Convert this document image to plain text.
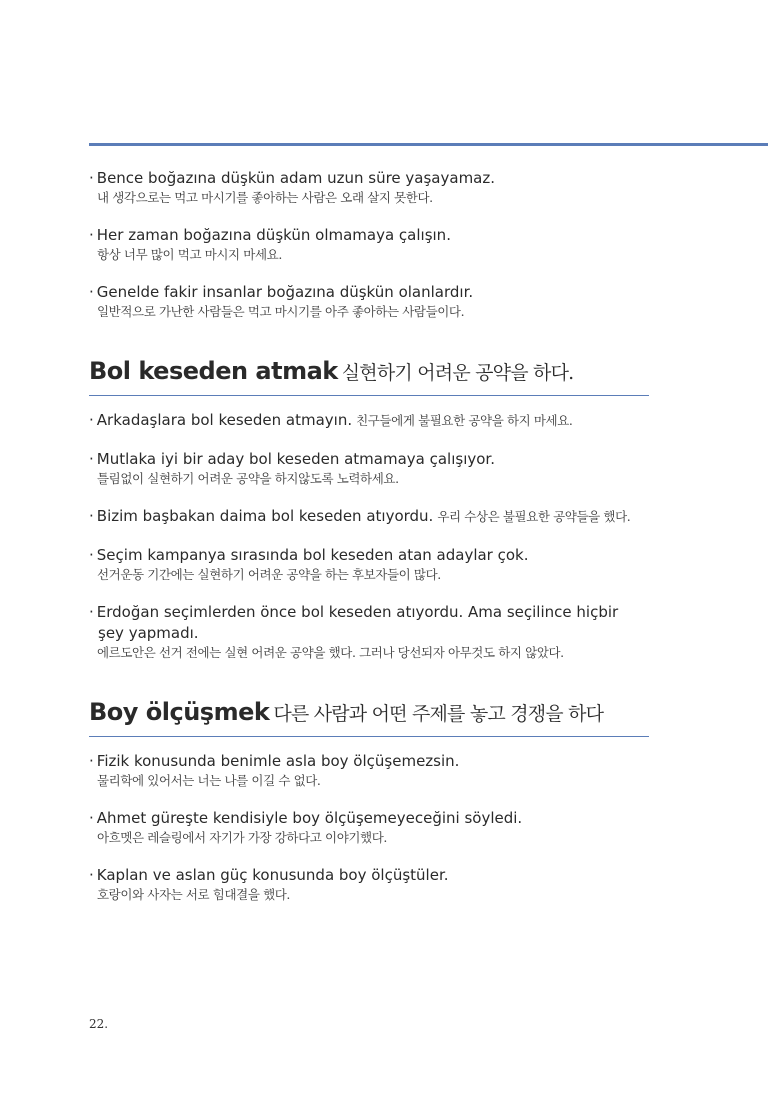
· Bence boğazına düşkün adam uzun süre yaşayamaz.
내 생각으로는 먹고 마시기를 좋아하는 사람은 오래 살지 못한다.
· Her zaman boğazına düşkün olmamaya çalışın.
항상 너무 많이 먹고 마시지 마세요.
· Genelde fakir insanlar boğazına düşkün olanlardır.
일반적으로 가난한 사람들은 먹고 마시기를 아주 좋아하는 사람들이다.
Bol keseden atmak 실현하기 어려운 공약을 하다.
· Arkadaşlara bol keseden atmayın. 친구들에게 불필요한 공약을 하지 마세요.
· Mutlaka iyi bir aday bol keseden atmamaya çalışıyor.
틀림없이 실현하기 어려운 공약을 하지않도록 노력하세요.
· Bizim başbakan daima bol keseden atıyordu. 우리 수상은 불필요한 공약들을 했다.
· Seçim kampanya sırasında bol keseden atan adaylar çok.
선거운동 기간에는 실현하기 어려운 공약을 하는 후보자들이 많다.
· Erdoğan seçimlerden önce bol keseden atıyordu. Ama seçilince hiçbir
şey yapmadı.
에르도안은 선거 전에는 실현 어려운 공약을 했다. 그러나 당선되자 아무것도 하지 않았다.
Boy ölçüşmek 다른 사람과 어떤 주제를 놓고 경쟁을 하다
· Fizik konusunda benimle asla boy ölçüşemezsin.
물리학에 있어서는 너는 나를 이길 수 없다.
· Ahmet güreşte kendisiyle boy ölçüşemeyeceğini söyledi.
아흐멧은 레슬링에서 자기가 가장 강하다고 이야기했다.
· Kaplan ve aslan güç konusunda boy ölçüştüler.
호랑이와 사자는 서로 힘대결을 했다.
22.
